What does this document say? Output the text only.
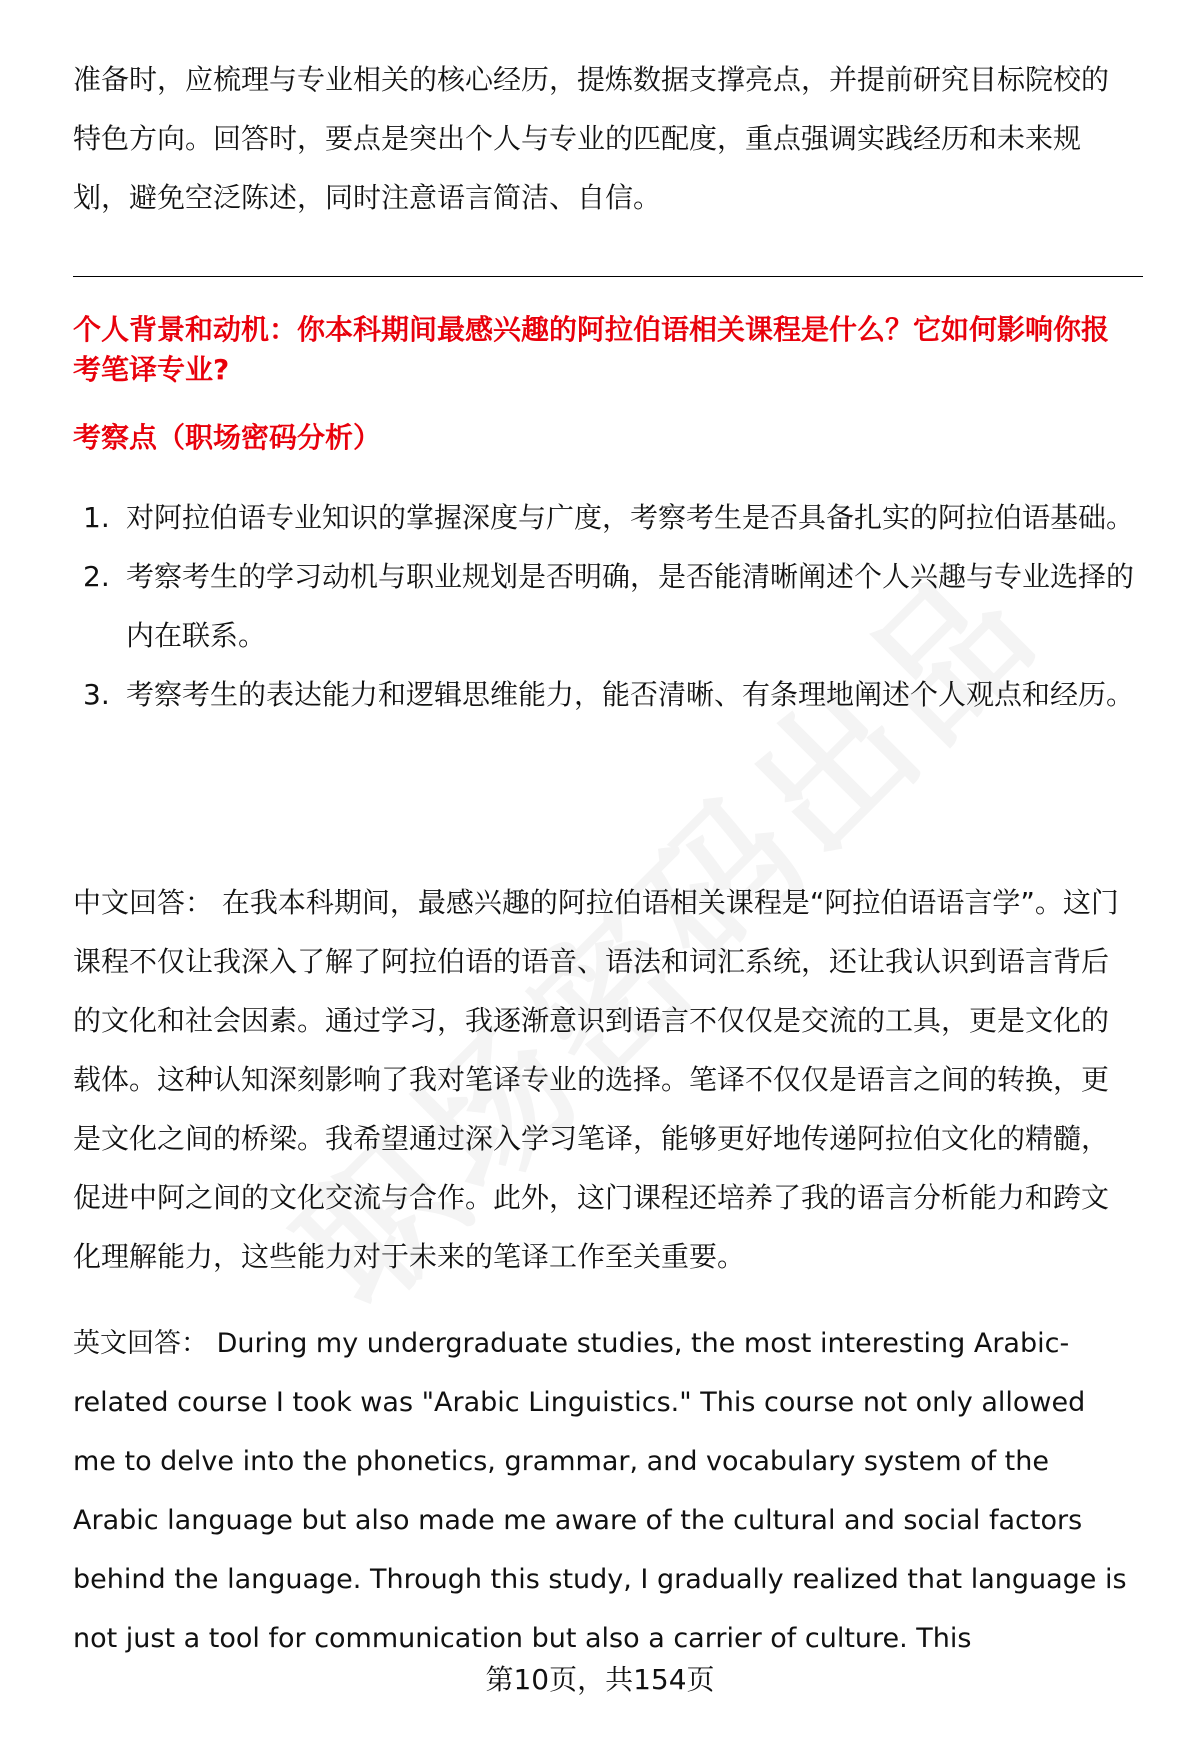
准备时，应梳理与专业相关的核心经历，提炼数据支撑亮点，并提前研究目标院校的特色方向。回答时，要点是突出个人与专业的匹配度，重点强调实践经历和未来规划，避免空泛陈述，同时注意语言简洁、自信。
个人背景和动机：你本科期间最感兴趣的阿拉伯语相关课程是什么？它如何影响你报考笔译专业?
考察点（职场密码分析）
1. 对阿拉伯语专业知识的掌握深度与广度，考察考生是否具备扎实的阿拉伯语基础。
2. 考察考生的学习动机与职业规划是否明确，是否能清晰阐述个人兴趣与专业选择的内在联系。
3. 考察考生的表达能力和逻辑思维能力，能否清晰、有条理地阐述个人观点和经历。
中文回答： 在我本科期间，最感兴趣的阿拉伯语相关课程是“阿拉伯语语言学”。这门课程不仅让我深入了解了阿拉伯语的语音、语法和词汇系统，还让我认识到语言背后的文化和社会因素。通过学习，我逐渐意识到语言不仅仅是交流的工具，更是文化的载体。这种认知深刻影响了我对笔译专业的选择。笔译不仅仅是语言之间的转换，更是文化之间的桥梁。我希望通过深入学习笔译，能够更好地传递阿拉伯文化的精髓，促进中阿之间的文化交流与合作。此外，这门课程还培养了我的语言分析能力和跨文化理解能力，这些能力对于未来的笔译工作至关重要。
英文回答： During my undergraduate studies, the most interesting Arabic-related course I took was "Arabic Linguistics." This course not only allowed me to delve into the phonetics, grammar, and vocabulary system of the Arabic language but also made me aware of the cultural and social factors behind the language. Through this study, I gradually realized that language is not just a tool for communication but also a carrier of culture. This
第10页，共154页
